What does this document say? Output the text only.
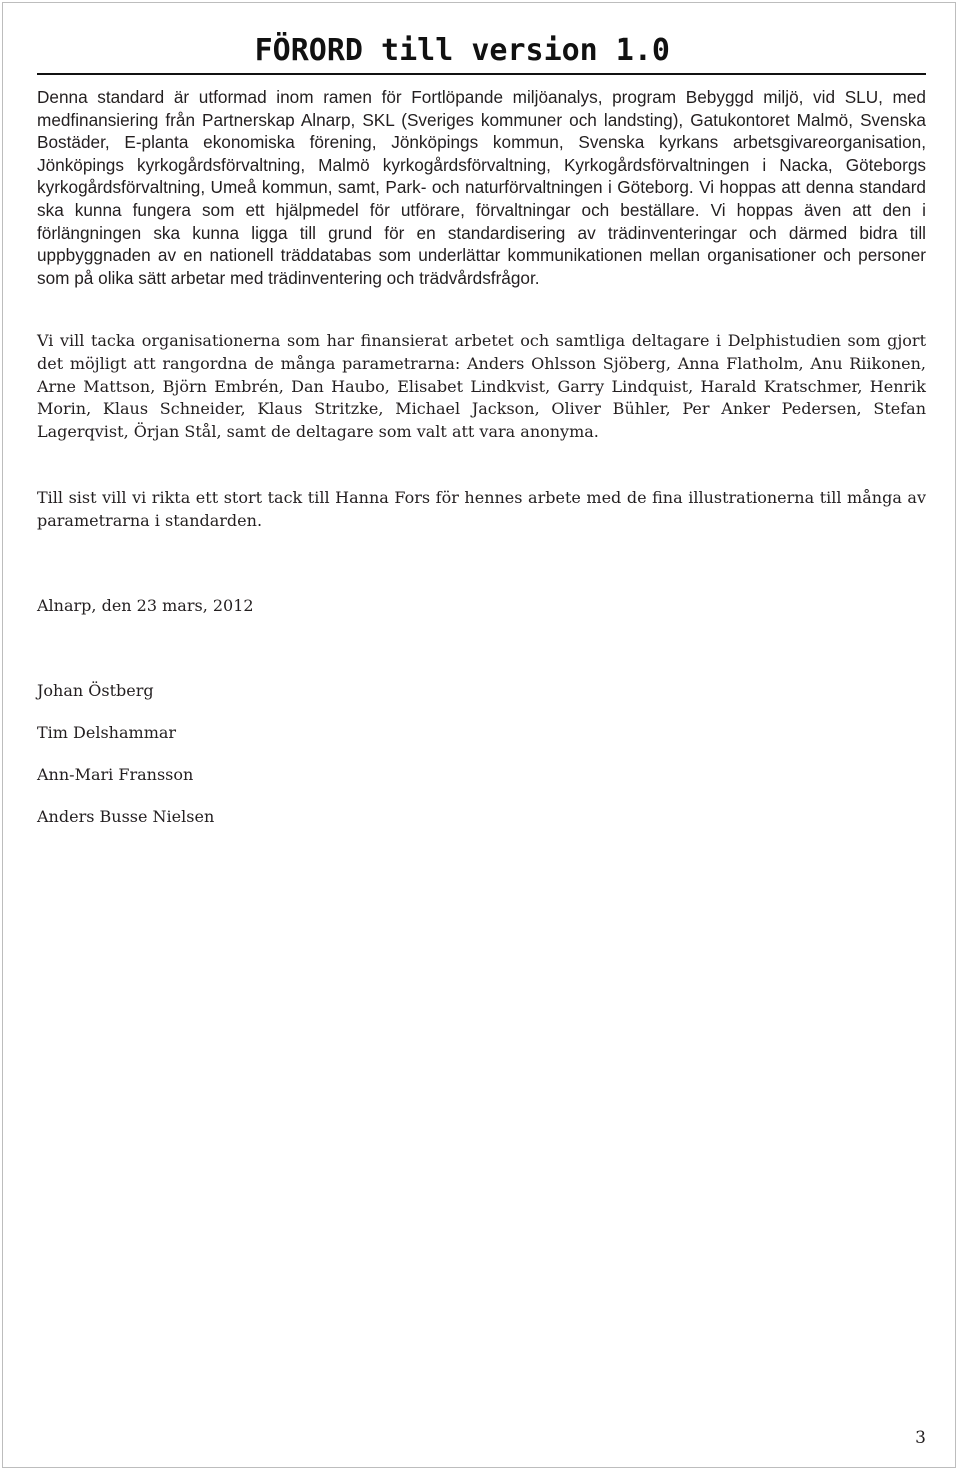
FÖRORD till version 1.0

Denna standard är utformad inom ramen för Fortlöpande miljöanalys, program Bebyggd miljö, vid SLU, med medfinansiering från Partnerskap Alnarp, SKL (Sveriges kommuner och landsting), Gatukontoret Malmö, Svenska Bostäder, E-planta ekonomiska förening, Jönköpings kommun, Svenska kyrkans arbetsgivareorganisation, Jönköpings kyrkogårdsförvaltning, Malmö kyrkogårdsförvaltning, Kyrkogårdsförvaltningen i Nacka, Göteborgs kyrkogårdsförvaltning, Umeå kommun, samt, Park- och naturförvaltningen i Göteborg. Vi hoppas att denna standard ska kunna fungera som ett hjälpmedel för utförare, förvaltningar och beställare. Vi hoppas även att den i förlängningen ska kunna ligga till grund för en standardisering av trädinventeringar och därmed bidra till uppbyggnaden av en nationell träddatabas som underlättar kommunikationen mellan organisationer och personer som på olika sätt arbetar med trädinventering och trädvårdsfrågor.

Vi vill tacka organisationerna som har finansierat arbetet och samtliga deltagare i Delphistudien som gjort det möjligt att rangordna de många parametrarna: Anders Ohlsson Sjöberg, Anna Flatholm, Anu Riikonen, Arne Mattson, Björn Embrén, Dan Haubo, Elisabet Lindkvist, Garry Lindquist, Harald Kratschmer, Henrik Morin, Klaus Schneider, Klaus Stritzke, Michael Jackson, Oliver Bühler, Per Anker Pedersen, Stefan Lagerqvist, Örjan Stål, samt de deltagare som valt att vara anonyma.

Till sist vill vi rikta ett stort tack till Hanna Fors för hennes arbete med de fina illustrationerna till många av parametrarna i standarden.

Alnarp, den 23 mars, 2012

Johan Östberg

Tim Delshammar

Ann-Mari Fransson

Anders Busse Nielsen

3
